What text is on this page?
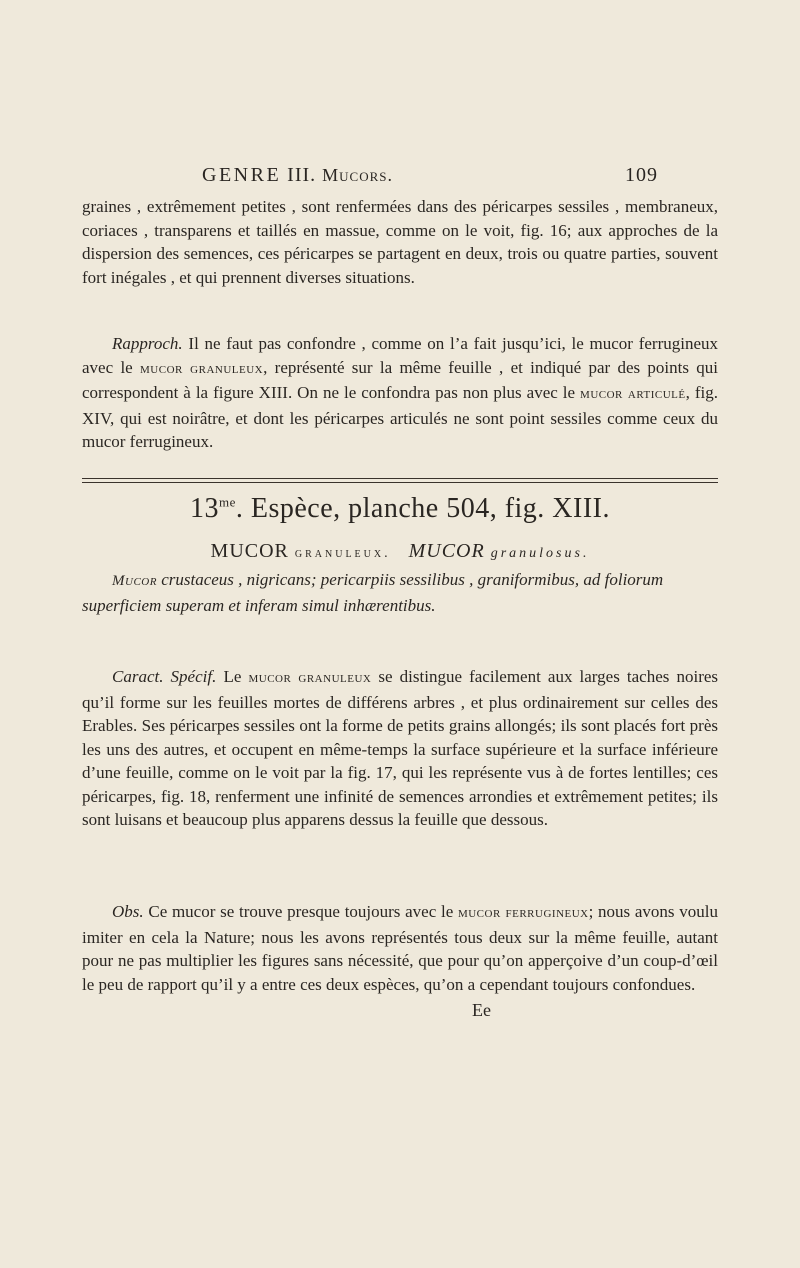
GENRE III. Mucors.	109
graines , extrêmement petites , sont renfermées dans des péricarpes sessiles , membraneux, coriaces , transparens et taillés en massue, comme on le voit, fig. 16; aux approches de la dispersion des semences, ces péricarpes se partagent en deux, trois ou quatre parties, souvent fort inégales , et qui prennent diverses situations.
Rapproch. Il ne faut pas confondre , comme on l’a fait jusqu’ici, le mucor ferrugineux avec le mucor granuleux, représenté sur la même feuille , et indiqué par des points qui correspondent à la figure XIII. On ne le confondra pas non plus avec le mucor articulé, fig. XIV, qui est noirâtre, et dont les péricarpes articulés ne sont point sessiles comme ceux du mucor ferrugineux.
$13^{me}$. Espèce, planche 504, fig. XIII.
MUCOR granuleux. MUCOR granulosus.
Mucor crustaceus , nigricans; pericarpiis sessilibus , graniformibus, ad foliorum superficiem superam et inferam simul inhærentibus.
Caract. Spécif. Le mucor granuleux se distingue facilement aux larges taches noires qu’il forme sur les feuilles mortes de différens arbres , et plus ordinairement sur celles des Erables. Ses péricarpes sessiles ont la forme de petits grains allongés; ils sont placés fort près les uns des autres, et occupent en même-temps la surface supérieure et la surface inférieure d’une feuille, comme on le voit par la fig. 17, qui les représente vus à de fortes lentilles; ces péricarpes, fig. 18, renferment une infinité de semences arrondies et extrêmement petites; ils sont luisans et beaucoup plus apparens dessus la feuille que dessous.
Obs. Ce mucor se trouve presque toujours avec le mucor ferrugineux; nous avons voulu imiter en cela la Nature; nous les avons représentés tous deux sur la même feuille, autant pour ne pas multiplier les figures sans nécessité, que pour qu’on apperçoive d’un coup-d’œil le peu de rapport qu’il y a entre ces deux espèces, qu’on a cependant toujours confondues.
Ee
